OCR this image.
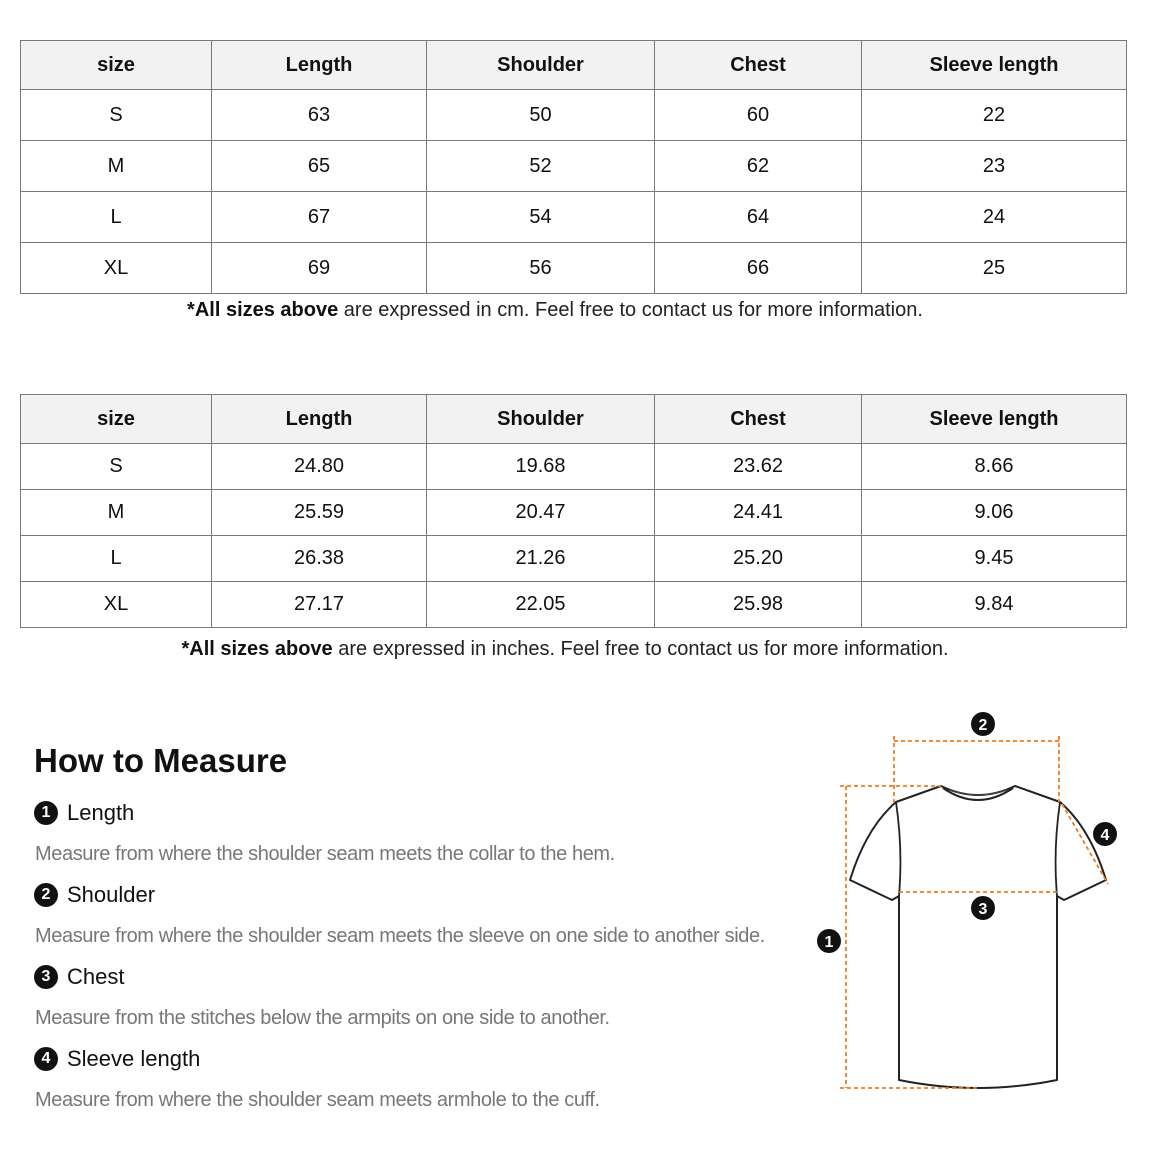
size	Length	Shoulder	Chest	Sleeve length
S	63	50	60	22
M	65	52	62	23
L	67	54	64	24
XL	69	56	66	25
*All sizes above are expressed in cm. Feel free to contact us for more information.
size	Length	Shoulder	Chest	Sleeve length
S	24.80	19.68	23.62	8.66
M	25.59	20.47	24.41	9.06
L	26.38	21.26	25.20	9.45
XL	27.17	22.05	25.98	9.84
*All sizes above are expressed in inches. Feel free to contact us for more information.
How to Measure
1 Length
Measure from where the shoulder seam meets the collar to the hem.
2 Shoulder
Measure from where the shoulder seam meets the sleeve on one side to another side.
3 Chest
Measure from the stitches below the armpits on one side to another.
4 Sleeve length
Measure from where the shoulder seam meets armhole to the cuff.
1
2
3
4
